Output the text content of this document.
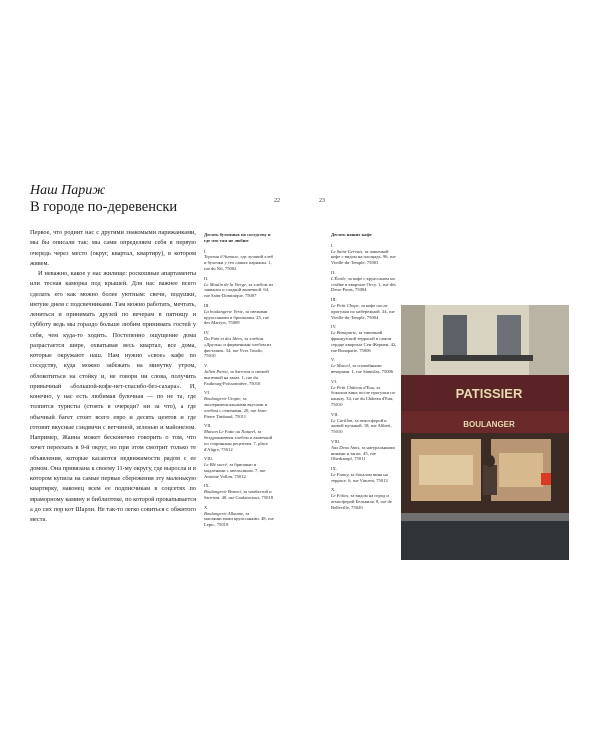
Наш Париж
В городе по-деревенски	22	23

Первое, что роднит нас с другими знакомыми парижанками, мы бы описали так: мы сами определяем себя в первую очередь через место (округ, квартал, квартиру), в котором живем.

И неважно, какое у нас жилище: роскошные апартаменты или тесная каморка под крышей. Для нас важнее всего сделать его как можно более уютным: свечи, подушки, интуие днем с подсвечниками. Там можно работать, мечтать, лениться и принимать друзей по вечерам в пятницу и субботу ведь мы гораздо больше любим принимать гостей у себя, чем куда-то ходить. Постепенно ощущение дома разрастается шире, охватывая весь квартал, все дома, которые окружают наш. Нам нужно «свое» кафе по соседству, куда можно забежать на минутку утром, облокотиться на стойку и, не говоря ни слова, получить привычный «большой-кофе-нет-спасибо-без-сахара». И, конечно, у нас есть любимая булочная — по не та, где толпятся туристы (стоять в очереди? ни за что), а где обычный багет стоит всего евро и десять центов и где готовят вкусные сэндвичи с ветчиной, зеленью и майонезом. Например, Жанна может бесконечно говорить о том, что хочет переехать в 9-й округ, но при этом смотрит только те объявления, которые касаются недвижимости рядом с ее домом. Она привязана к своему 11-му округу, где выросла и в котором купила на самые первые сбережения эту маленькую квартирку, наконец всем ее подписчикам в соцсетях по мраморному камину и библиотеке, по которой прокапывается а до сих пор кот Шарли. Не так-то легко совиться с обжитого места.

Десять булочных по соседству и где что там не любим
I.
Терезия д'Антиле, где лучший хлеб и булочки у тех самых парижан. 1, rue du Nil, 75002
II.
Le Moulin de la Vierge, за хлебом из закваски и сладкой выпечкой. 64, rue Saint-Dominique, 75007
III.
La boulangerie Verte, за свежими круассанами и бриошами. 25, rue des Martyrs, 75009
IV.
Du Pain et des Idées, за хлебом «Друзья» и фирменным хлебом из фисташек. 34, rue Yves Toudic, 75010
V.
Julien Parisi, за багетом и свежей выпечкой на заказ. 1, rue du Faubourg-Poissonnière, 75010
VI.
Boulangerie Utopie, за экспериментальными вкусами и хлебом с семенами. 20, rue Jean-Pierre Timbaud, 75011
VII.
Maison Le Fatte au Naturel, за бездрожжевым хлебом и выпечкой по старинным рецептам. 7, place d'Aligre, 75012
VIII.
Le Blé sucré, за бриошью и мадленами с апельсином. 7, rue Antoine Vollon, 75012
IX.
Boulangerie Bonnet, за чиабаттой и багетом. 48, rue Caulaincourt, 75018
X.
Boulangerie Allaume, за маслянистыми круассанами. 48, rue Lepic, 75018
Десять наших кафе
I.
Le Saint-Gervais, за чашечкой кофе с видом на площадь. 96, rue Vieille-du-Temple, 75003
II.
L'Étoile, за кофе с круассаном на стойке в квартале Отсу. 1, rue des Deux-Ponts, 75004
III.
Le Petit Chope, за кофе после прогулки по набережной. 34, rue Vieille-du-Temple, 75004
IV.
Le Bonaparte, за типичной французской террасой в самом сердце квартала Сен-Жермен. 42, rue Bonaparte, 75006
V.
Le Marcel, за спокойными вечерами. 1, rue Stanislas, 75006
VI.
Le Petit Château d'Eau, за бокалом вина после прогулки по каналу. 34, rue du Château d'Eau, 75010
VII.
Le Carillon, за атмосферой и живой музыкой. 18, rue Alibert, 75010
VIII.
Aux Deux Amis, за натуральными винами и тапас. 45, rue Oberkampf, 75011
IX.
Le Fanny, за бокалом вина на террасе. 6, rue Vincent, 75013
X.
Le Folies, за видом на город и атмосферой Бельвиля. 8, rue de Belleville, 75020
PATISSIER
BOULANGER
